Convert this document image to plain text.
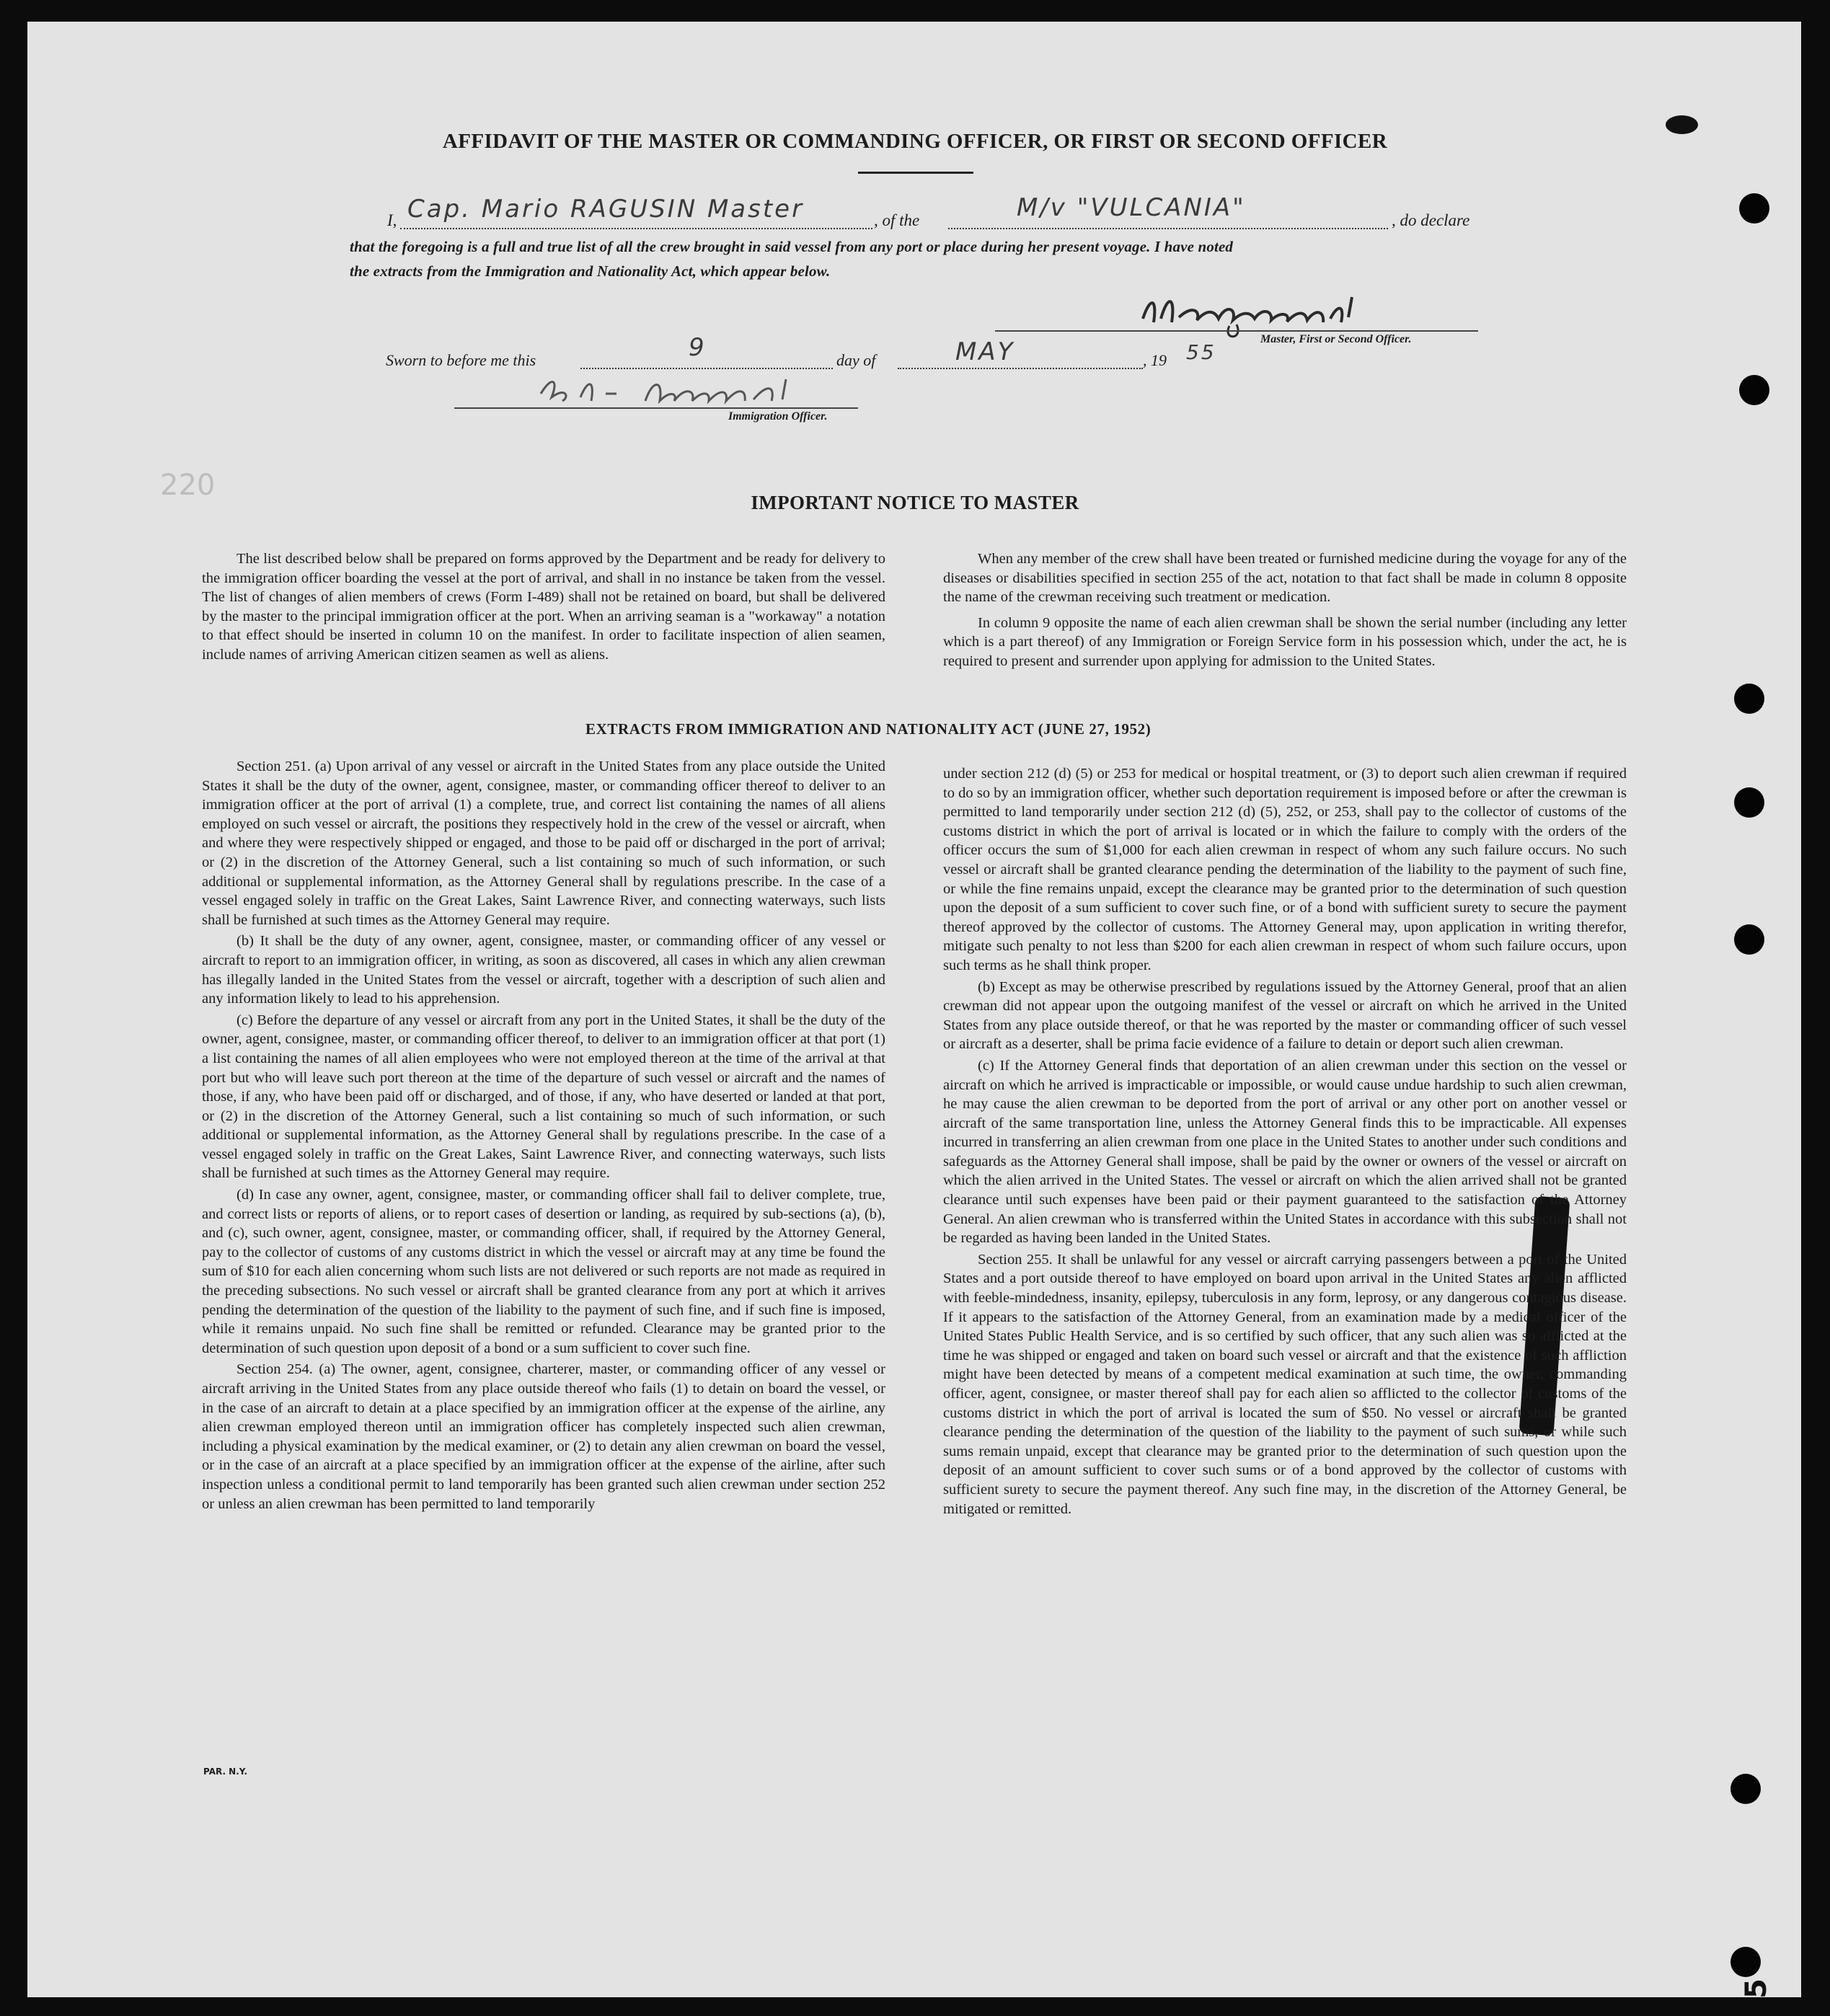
AFFIDAVIT OF THE MASTER OR COMMANDING OFFICER, OR FIRST OR SECOND OFFICER
I, Cap. Mario RAGUSIN Master	, of the	M/v "VULCANIA"	, do declare
that the foregoing is a full and true list of all the crew brought in said vessel from any port or place during her present voyage. I have noted
the extracts from the Immigration and Nationality Act, which appear below.
Master, First or Second Officer.
Sworn to before me this	9	day of	MAY	, 19 55
Immigration Officer.
220
IMPORTANT NOTICE TO MASTER

The list described below shall be prepared on forms approved by the Department and be ready for delivery to the immigration officer boarding the vessel at the port of arrival, and shall in no instance be taken from the vessel. The list of changes of alien members of crews (Form I-489) shall not be retained on board, but shall be delivered by the master to the principal immigration officer at the port. When an arriving seaman is a "workaway" a notation to that effect should be inserted in column 10 on the manifest. In order to facilitate inspection of alien seamen, include names of arriving American citizen seamen as well as aliens.

When any member of the crew shall have been treated or furnished medicine during the voyage for any of the diseases or disabilities specified in section 255 of the act, notation to that fact shall be made in column 8 opposite the name of the crewman receiving such treatment or medication.

In column 9 opposite the name of each alien crewman shall be shown the serial number (including any letter which is a part thereof) of any Immigration or Foreign Service form in his possession which, under the act, he is required to present and surrender upon applying for admission to the United States.

EXTRACTS FROM IMMIGRATION AND NATIONALITY ACT (JUNE 27, 1952)

Section 251. (a) Upon arrival of any vessel or aircraft in the United States from any place outside the United States it shall be the duty of the owner, agent, consignee, master, or commanding officer thereof to deliver to an immigration officer at the port of arrival (1) a complete, true, and correct list containing the names of all aliens employed on such vessel or aircraft, the positions they respectively hold in the crew of the vessel or aircraft, when and where they were respectively shipped or engaged, and those to be paid off or discharged in the port of arrival; or (2) in the discretion of the Attorney General, such a list containing so much of such information, or such additional or supplemental information, as the Attorney General shall by regulations prescribe. In the case of a vessel engaged solely in traffic on the Great Lakes, Saint Lawrence River, and connecting waterways, such lists shall be furnished at such times as the Attorney General may require.

(b) It shall be the duty of any owner, agent, consignee, master, or commanding officer of any vessel or aircraft to report to an immigration officer, in writing, as soon as discovered, all cases in which any alien crewman has illegally landed in the United States from the vessel or aircraft, together with a description of such alien and any information likely to lead to his apprehension.

(c) Before the departure of any vessel or aircraft from any port in the United States, it shall be the duty of the owner, agent, consignee, master, or commanding officer thereof, to deliver to an immigration officer at that port (1) a list containing the names of all alien employees who were not employed thereon at the time of the arrival at that port but who will leave such port thereon at the time of the departure of such vessel or aircraft and the names of those, if any, who have been paid off or discharged, and of those, if any, who have deserted or landed at that port, or (2) in the discretion of the Attorney General, such a list containing so much of such information, or such additional or supplemental information, as the Attorney General shall by regulations prescribe. In the case of a vessel engaged solely in traffic on the Great Lakes, Saint Lawrence River, and connecting waterways, such lists shall be furnished at such times as the Attorney General may require.

(d) In case any owner, agent, consignee, master, or commanding officer shall fail to deliver complete, true, and correct lists or reports of aliens, or to report cases of desertion or landing, as required by sub-sections (a), (b), and (c), such owner, agent, consignee, master, or commanding officer, shall, if required by the Attorney General, pay to the collector of customs of any customs district in which the vessel or aircraft may at any time be found the sum of $10 for each alien concerning whom such lists are not delivered or such reports are not made as required in the preceding subsections. No such vessel or aircraft shall be granted clearance from any port at which it arrives pending the determination of the question of the liability to the payment of such fine, and if such fine is imposed, while it remains unpaid. No such fine shall be remitted or refunded. Clearance may be granted prior to the determination of such question upon deposit of a bond or a sum sufficient to cover such fine.

Section 254. (a) The owner, agent, consignee, charterer, master, or commanding officer of any vessel or aircraft arriving in the United States from any place outside thereof who fails (1) to detain on board the vessel, or in the case of an aircraft to detain at a place specified by an immigration officer at the expense of the airline, any alien crewman employed thereon until an immigration officer has completely inspected such alien crewman, including a physical examination by the medical examiner, or (2) to detain any alien crewman on board the vessel, or in the case of an aircraft at a place specified by an immigration officer at the expense of the airline, after such inspection unless a conditional permit to land temporarily has been granted such alien crewman under section 252 or unless an alien crewman has been permitted to land temporarily

under section 212 (d) (5) or 253 for medical or hospital treatment, or (3) to deport such alien crewman if required to do so by an immigration officer, whether such deportation requirement is imposed before or after the crewman is permitted to land temporarily under section 212 (d) (5), 252, or 253, shall pay to the collector of customs of the customs district in which the port of arrival is located or in which the failure to comply with the orders of the officer occurs the sum of $1,000 for each alien crewman in respect of whom any such failure occurs. No such vessel or aircraft shall be granted clearance pending the determination of the liability to the payment of such fine, or while the fine remains unpaid, except the clearance may be granted prior to the determination of such question upon the deposit of a sum sufficient to cover such fine, or of a bond with sufficient surety to secure the payment thereof approved by the collector of customs. The Attorney General may, upon application in writing therefor, mitigate such penalty to not less than $200 for each alien crewman in respect of whom such failure occurs, upon such terms as he shall think proper.

(b) Except as may be otherwise prescribed by regulations issued by the Attorney General, proof that an alien crewman did not appear upon the outgoing manifest of the vessel or aircraft on which he arrived in the United States from any place outside thereof, or that he was reported by the master or commanding officer of such vessel or aircraft as a deserter, shall be prima facie evidence of a failure to detain or deport such alien crewman.

(c) If the Attorney General finds that deportation of an alien crewman under this section on the vessel or aircraft on which he arrived is impracticable or impossible, or would cause undue hardship to such alien crewman, he may cause the alien crewman to be deported from the port of arrival or any other port on another vessel or aircraft of the same transportation line, unless the Attorney General finds this to be impracticable. All expenses incurred in transferring an alien crewman from one place in the United States to another under such conditions and safeguards as the Attorney General shall impose, shall be paid by the owner or owners of the vessel or aircraft on which the alien arrived in the United States. The vessel or aircraft on which the alien arrived shall not be granted clearance until such expenses have been paid or their payment guaranteed to the satisfaction of the Attorney General. An alien crewman who is transferred within the United States in accordance with this subsection shall not be regarded as having been landed in the United States.

Section 255. It shall be unlawful for any vessel or aircraft carrying passengers between a port of the United States and a port outside thereof to have employed on board upon arrival in the United States any alien afflicted with feeble-mindedness, insanity, epilepsy, tuberculosis in any form, leprosy, or any dangerous contagious disease. If it appears to the satisfaction of the Attorney General, from an examination made by a medical officer of the United States Public Health Service, and is so certified by such officer, that any such alien was so afflicted at the time he was shipped or engaged and taken on board such vessel or aircraft and that the existence of such affliction might have been detected by means of a competent medical examination at such time, the owner, commanding officer, agent, consignee, or master thereof shall pay for each alien so afflicted to the collector of customs of the customs district in which the port of arrival is located the sum of $50. No vessel or aircraft shall be granted clearance pending the determination of the question of the liability to the payment of such sums, or while such sums remain unpaid, except that clearance may be granted prior to the determination of such question upon the deposit of an amount sufficient to cover such sums or of a bond approved by the collector of customs with sufficient surety to secure the payment thereof. Any such fine may, in the discretion of the Attorney General, be mitigated or remitted.

PAR. N.Y.
5
